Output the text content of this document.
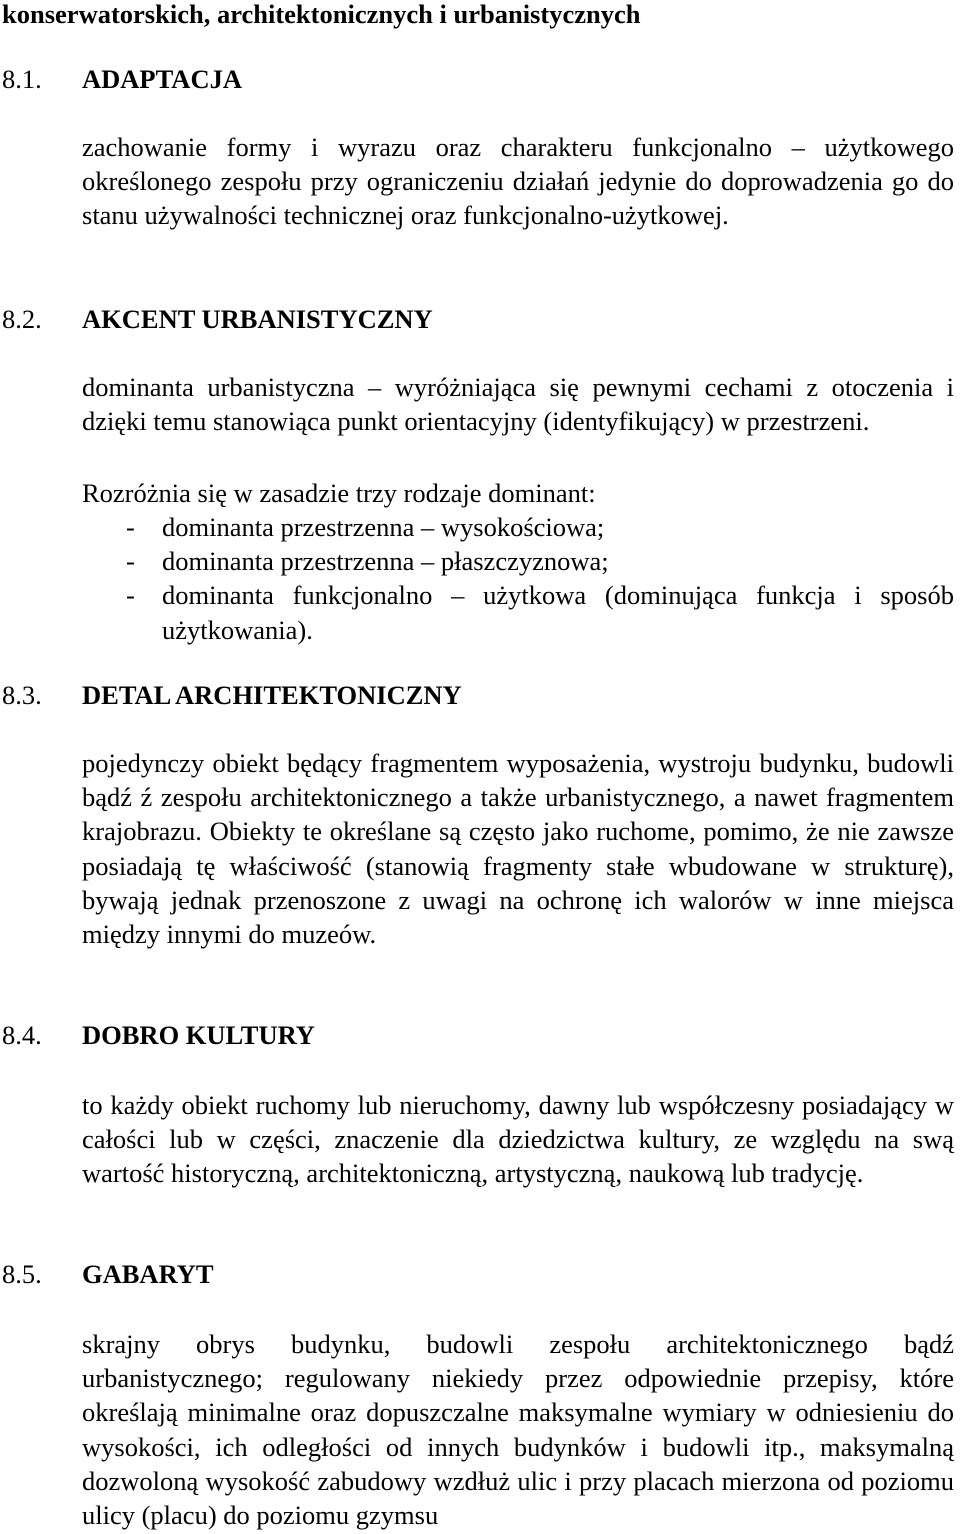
konserwatorskich, architektonicznych i urbanistycznych
8.1. ADAPTACJA
zachowanie formy i wyrazu oraz charakteru funkcjonalno – użytkowego określonego zespołu przy ograniczeniu działań jedynie do doprowadzenia go do stanu używalności technicznej oraz funkcjonalno-użytkowej.
8.2. AKCENT URBANISTYCZNY
dominanta urbanistyczna – wyróżniająca się pewnymi cechami z otoczenia i dzięki temu stanowiąca punkt orientacyjny (identyfikujący) w przestrzeni.
Rozróżnia się w zasadzie trzy rodzaje dominant:
- dominanta przestrzenna – wysokościowa;
- dominanta przestrzenna – płaszczyznowa;
- dominanta funkcjonalno – użytkowa (dominująca funkcja i sposób użytkowania).
8.3. DETAL ARCHITEKTONICZNY
pojedynczy obiekt będący fragmentem wyposażenia, wystroju budynku, budowli bądź ź zespołu architektonicznego a także urbanistycznego, a nawet fragmentem krajobrazu. Obiekty te określane są często jako ruchome, pomimo, że nie zawsze posiadają tę właściwość (stanowią fragmenty stałe wbudowane w strukturę), bywają jednak przenoszone z uwagi na ochronę ich walorów w inne miejsca między innymi do muzeów.
8.4. DOBRO KULTURY
to każdy obiekt ruchomy lub nieruchomy, dawny lub współczesny posiadający w całości lub w części, znaczenie dla dziedzictwa kultury, ze względu na swą wartość historyczną, architektoniczną, artystyczną, naukową lub tradycję.
8.5. GABARYT
skrajny obrys budynku, budowli zespołu architektonicznego bądź urbanistycznego; regulowany niekiedy przez odpowiednie przepisy, które określają minimalne oraz dopuszczalne maksymalne wymiary w odniesieniu do wysokości, ich odległości od innych budynków i budowli itp., maksymalną dozwoloną wysokość zabudowy wzdłuż ulic i przy placach mierzona od poziomu ulicy (placu) do poziomu gzymsu
